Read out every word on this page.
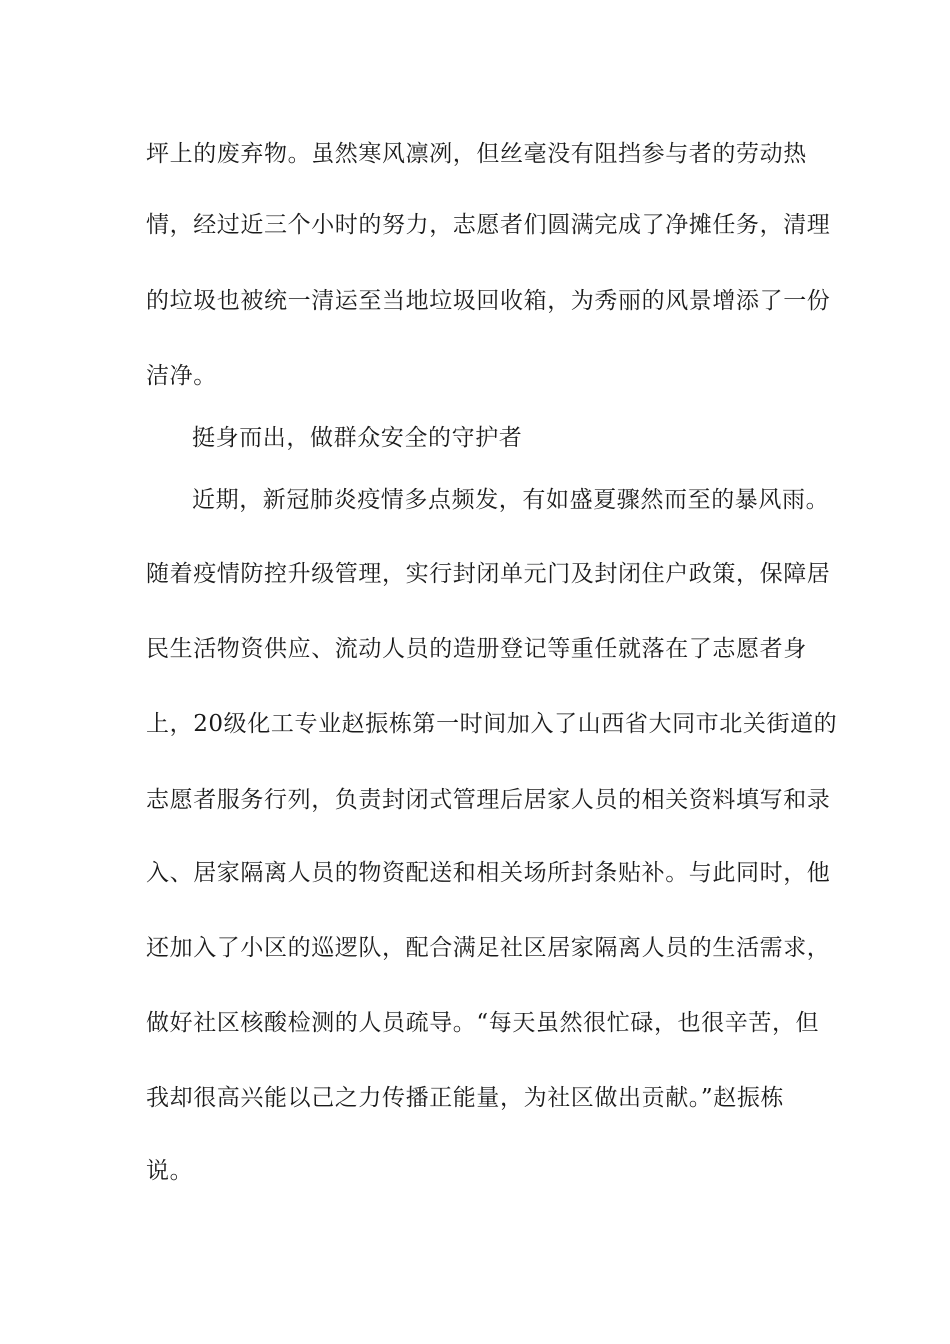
坪上的废弃物。虽然寒风凛冽，但丝毫没有阻挡参与者的劳动热
情，经过近三个小时的努力，志愿者们圆满完成了净摊任务，清理
的垃圾也被统一清运至当地垃圾回收箱，为秀丽的风景增添了一份
洁净。
挺身而出，做群众安全的守护者
近期，新冠肺炎疫情多点频发，有如盛夏骤然而至的暴风雨。
随着疫情防控升级管理，实行封闭单元门及封闭住户政策，保障居
民生活物资供应、流动人员的造册登记等重任就落在了志愿者身
上，20级化工专业赵振栋第一时间加入了山西省大同市北关街道的
志愿者服务行列，负责封闭式管理后居家人员的相关资料填写和录
入、居家隔离人员的物资配送和相关场所封条贴补。与此同时，他
还加入了小区的巡逻队，配合满足社区居家隔离人员的生活需求，
做好社区核酸检测的人员疏导。“每天虽然很忙碌，也很辛苦，但
我却很高兴能以己之力传播正能量，为社区做出贡献。”赵振栋
说。
